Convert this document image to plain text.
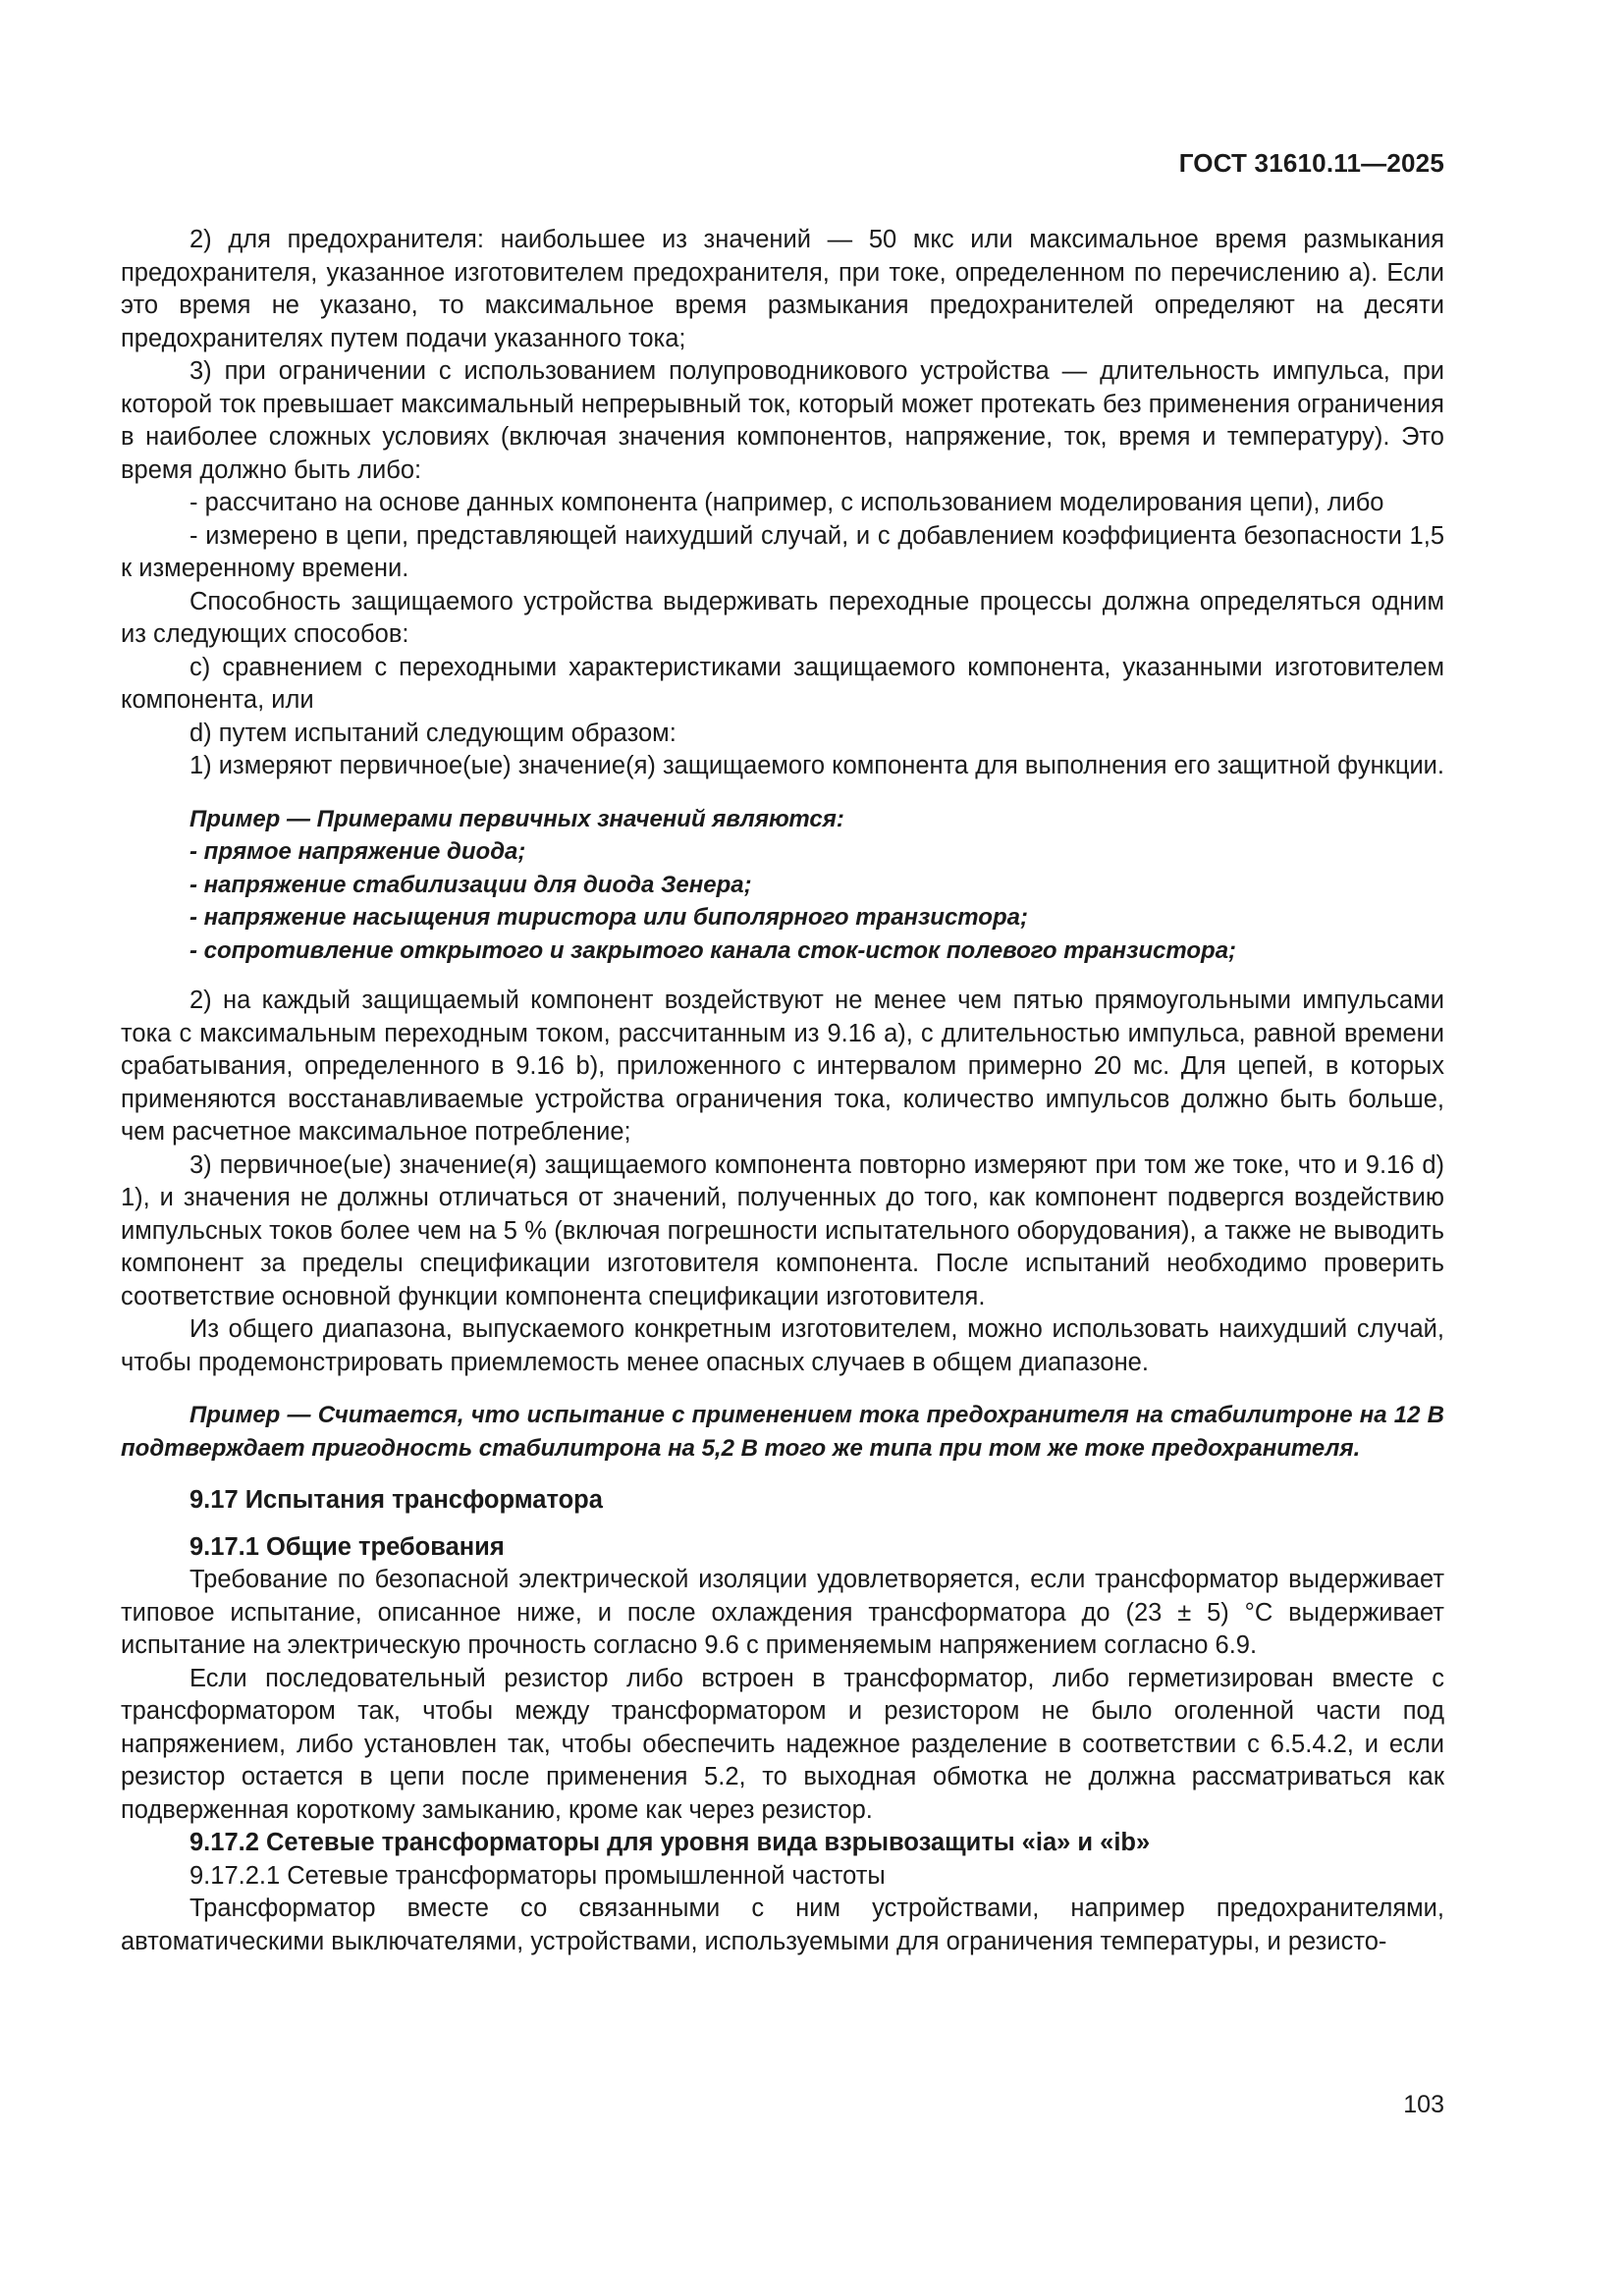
ГОСТ 31610.11—2025

2) для предохранителя: наибольшее из значений — 50 мкс или максимальное время размыкания предохранителя, указанное изготовителем предохранителя, при токе, определенном по перечислению а). Если это время не указано, то максимальное время размыкания предохранителей определяют на десяти предохранителях путем подачи указанного тока;

3) при ограничении с использованием полупроводникового устройства — длительность импульса, при которой ток превышает максимальный непрерывный ток, который может протекать без применения ограничения в наиболее сложных условиях (включая значения компонентов, напряжение, ток, время и температуру). Это время должно быть либо:

- рассчитано на основе данных компонента (например, с использованием моделирования цепи), либо

- измерено в цепи, представляющей наихудший случай, и с добавлением коэффициента безопасности 1,5 к измеренному времени.

Способность защищаемого устройства выдерживать переходные процессы должна определяться одним из следующих способов:

c) сравнением с переходными характеристиками защищаемого компонента, указанными изготовителем компонента, или

d) путем испытаний следующим образом:

1) измеряют первичное(ые) значение(я) защищаемого компонента для выполнения его защитной функции.

Пример — Примерами первичных значений являются:

- прямое напряжение диода;

- напряжение стабилизации для диода Зенера;

- напряжение насыщения тиристора или биполярного транзистора;

- сопротивление открытого и закрытого канала сток-исток полевого транзистора;

2) на каждый защищаемый компонент воздействуют не менее чем пятью прямоугольными импульсами тока с максимальным переходным током, рассчитанным из 9.16 а), с длительностью импульса, равной времени срабатывания, определенного в 9.16 b), приложенного с интервалом примерно 20 мс. Для цепей, в которых применяются восстанавливаемые устройства ограничения тока, количество импульсов должно быть больше, чем расчетное максимальное потребление;

3) первичное(ые) значение(я) защищаемого компонента повторно измеряют при том же токе, что и 9.16 d) 1), и значения не должны отличаться от значений, полученных до того, как компонент подвергся воздействию импульсных токов более чем на 5 % (включая погрешности испытательного оборудования), а также не выводить компонент за пределы спецификации изготовителя компонента. После испытаний необходимо проверить соответствие основной функции компонента спецификации изготовителя.

Из общего диапазона, выпускаемого конкретным изготовителем, можно использовать наихудший случай, чтобы продемонстрировать приемлемость менее опасных случаев в общем диапазоне.

Пример — Считается, что испытание с применением тока предохранителя на стабилитроне на 12 В подтверждает пригодность стабилитрона на 5,2 В того же типа при том же токе предохранителя.

9.17 Испытания трансформатора

9.17.1 Общие требования

Требование по безопасной электрической изоляции удовлетворяется, если трансформатор выдерживает типовое испытание, описанное ниже, и после охлаждения трансформатора до (23 ± 5) °С выдерживает испытание на электрическую прочность согласно 9.6 с применяемым напряжением согласно 6.9.

Если последовательный резистор либо встроен в трансформатор, либо герметизирован вместе с трансформатором так, чтобы между трансформатором и резистором не было оголенной части под напряжением, либо установлен так, чтобы обеспечить надежное разделение в соответствии с 6.5.4.2, и если резистор остается в цепи после применения 5.2, то выходная обмотка не должна рассматриваться как подверженная короткому замыканию, кроме как через резистор.

9.17.2 Сетевые трансформаторы для уровня вида взрывозащиты «ia» и «ib»

9.17.2.1 Сетевые трансформаторы промышленной частоты

Трансформатор вместе со связанными с ним устройствами, например предохранителями, автоматическими выключателями, устройствами, используемыми для ограничения температуры, и резисто-

103
